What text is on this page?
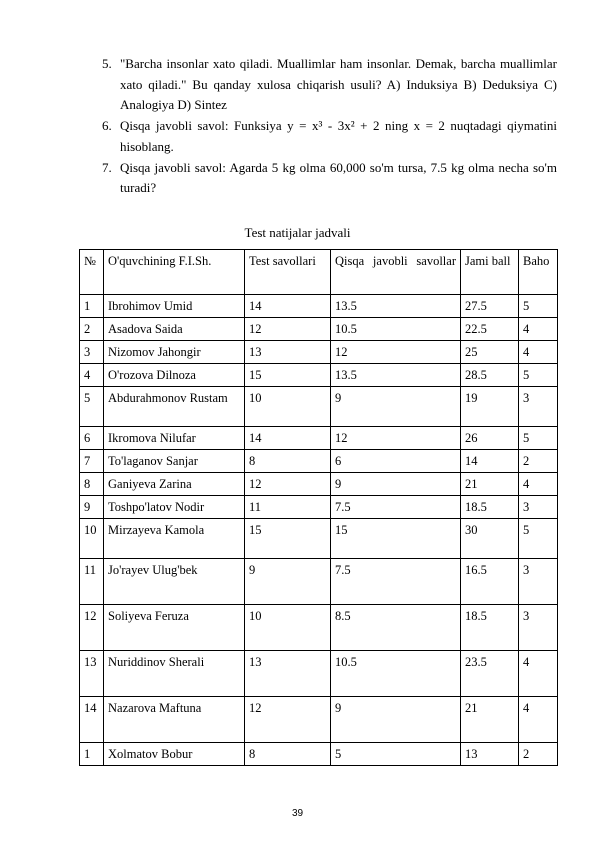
5. "Barcha insonlar xato qiladi. Muallimlar ham insonlar. Demak, barcha muallimlar xato qiladi." Bu qanday xulosa chiqarish usuli? A) Induksiya B) Deduksiya C) Analogiya D) Sintez
6. Qisqa javobli savol: Funksiya y = x³ - 3x² + 2 ning x = 2 nuqtadagi qiymatini hisoblang.
7. Qisqa javobli savol: Agarda 5 kg olma 60,000 so'm tursa, 7.5 kg olma necha so'm turadi?
Test natijalar jadvali
№	O'quvchining F.I.Sh.	Test savollari	Qisqa javobli savollar	Jami ball	Baho
1	Ibrohimov Umid	14	13.5	27.5	5
2	Asadova Saida	12	10.5	22.5	4
3	Nizomov Jahongir	13	12	25	4
4	O'rozova Dilnoza	15	13.5	28.5	5
5	Abdurahmonov Rustam	10	9	19	3
6	Ikromova Nilufar	14	12	26	5
7	To'laganov Sanjar	8	6	14	2
8	Ganiyeva Zarina	12	9	21	4
9	Toshpo'latov Nodir	11	7.5	18.5	3
10	Mirzayeva Kamola	15	15	30	5
11	Jo'rayev Ulug'bek	9	7.5	16.5	3
12	Soliyeva Feruza	10	8.5	18.5	3
13	Nuriddinov Sherali	13	10.5	23.5	4
14	Nazarova Maftuna	12	9	21	4
1	Xolmatov Bobur	8	5	13	2
39
